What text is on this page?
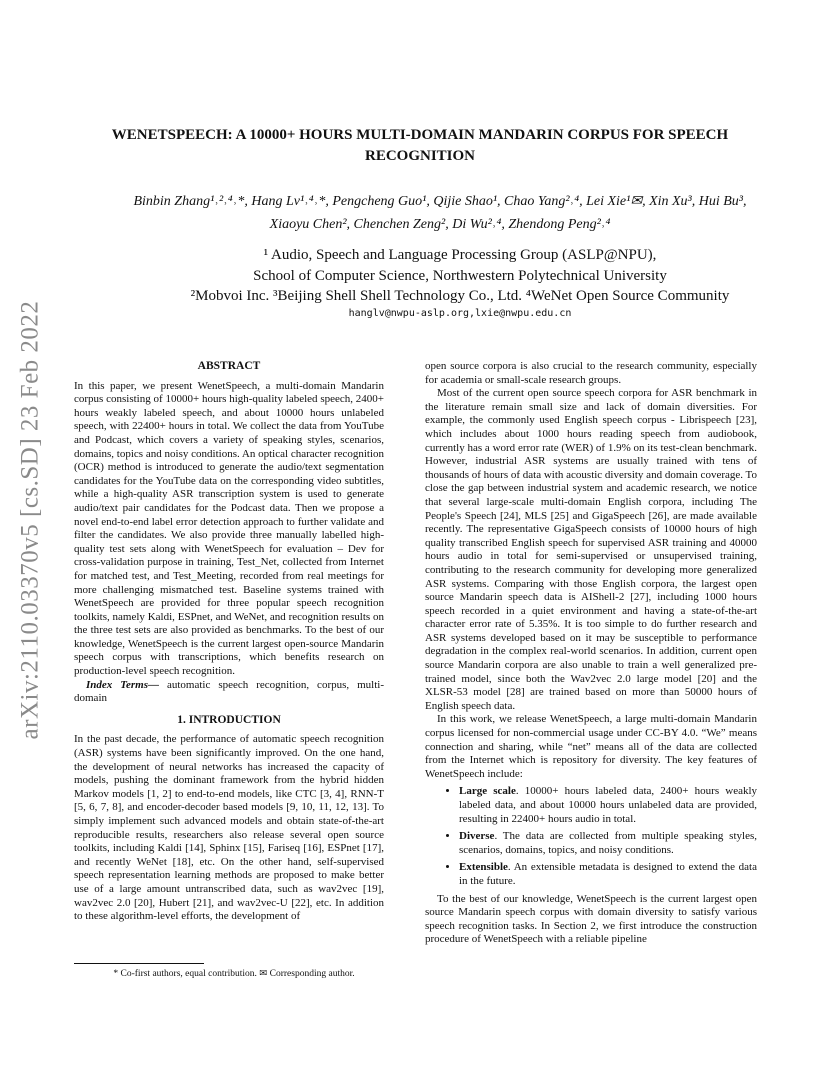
arXiv:2110.03370v5 [cs.SD] 23 Feb 2022
WENETSPEECH: A 10000+ HOURS MULTI-DOMAIN MANDARIN CORPUS FOR SPEECH
RECOGNITION
Binbin Zhang¹˒²˒⁴˒*, Hang Lv¹˒⁴˒*, Pengcheng Guo¹, Qijie Shao¹, Chao Yang²˒⁴, Lei Xie¹✉, Xin Xu³, Hui Bu³,
Xiaoyu Chen², Chenchen Zeng², Di Wu²˒⁴, Zhendong Peng²˒⁴
¹ Audio, Speech and Language Processing Group (ASLP@NPU),
School of Computer Science, Northwestern Polytechnical University
²Mobvoi Inc. ³Beijing Shell Shell Technology Co., Ltd. ⁴WeNet Open Source Community
hanglv@nwpu-aslp.org,lxie@nwpu.edu.cn
ABSTRACT

In this paper, we present WenetSpeech, a multi-domain Mandarin corpus consisting of 10000+ hours high-quality labeled speech, 2400+ hours weakly labeled speech, and about 10000 hours unlabeled speech, with 22400+ hours in total. We collect the data from YouTube and Podcast, which covers a variety of speaking styles, scenarios, domains, topics and noisy conditions. An optical character recognition (OCR) method is introduced to generate the audio/text segmentation candidates for the YouTube data on the corresponding video subtitles, while a high-quality ASR transcription system is used to generate audio/text pair candidates for the Podcast data. Then we propose a novel end-to-end label error detection approach to further validate and filter the candidates. We also provide three manually labelled high-quality test sets along with WenetSpeech for evaluation – Dev for cross-validation purpose in training, Test_Net, collected from Internet for matched test, and Test_Meeting, recorded from real meetings for more challenging mismatched test. Baseline systems trained with WenetSpeech are provided for three popular speech recognition toolkits, namely Kaldi, ESPnet, and WeNet, and recognition results on the three test sets are also provided as benchmarks. To the best of our knowledge, WenetSpeech is the current largest open-source Mandarin speech corpus with transcriptions, which benefits research on production-level speech recognition.

Index Terms— automatic speech recognition, corpus, multi-domain

1. INTRODUCTION

In the past decade, the performance of automatic speech recognition (ASR) systems have been significantly improved. On the one hand, the development of neural networks has increased the capacity of models, pushing the dominant framework from the hybrid hidden Markov models [1, 2] to end-to-end models, like CTC [3, 4], RNN-T [5, 6, 7, 8], and encoder-decoder based models [9, 10, 11, 12, 13]. To simply implement such advanced models and obtain state-of-the-art reproducible results, researchers also release several open source toolkits, including Kaldi [14], Sphinx [15], Fariseq [16], ESPnet [17], and recently WeNet [18], etc. On the other hand, self-supervised speech representation learning methods are proposed to make better use of a large amount untranscribed data, such as wav2vec [19], wav2vec 2.0 [20], Hubert [21], and wav2vec-U [22], etc. In addition to these algorithm-level efforts, the development of

open source corpora is also crucial to the research community, especially for academia or small-scale research groups.

Most of the current open source speech corpora for ASR benchmark in the literature remain small size and lack of domain diversities. For example, the commonly used English speech corpus - Librispeech [23], which includes about 1000 hours reading speech from audiobook, currently has a word error rate (WER) of 1.9% on its test-clean benchmark. However, industrial ASR systems are usually trained with tens of thousands of hours of data with acoustic diversity and domain coverage. To close the gap between industrial system and academic research, we notice that several large-scale multi-domain English corpora, including The People's Speech [24], MLS [25] and GigaSpeech [26], are made available recently. The representative GigaSpeech consists of 10000 hours of high quality transcribed English speech for supervised ASR training and 40000 hours audio in total for semi-supervised or unsupervised training, contributing to the research community for developing more generalized ASR systems. Comparing with those English corpora, the largest open source Mandarin speech data is AIShell-2 [27], including 1000 hours speech recorded in a quiet environment and having a state-of-the-art character error rate of 5.35%. It is too simple to do further research and ASR systems developed based on it may be susceptible to performance degradation in the complex real-world scenarios. In addition, current open source Mandarin corpora are also unable to train a well generalized pre-trained model, since both the Wav2vec 2.0 large model [20] and the XLSR-53 model [28] are trained based on more than 50000 hours of English speech data.

In this work, we release WenetSpeech, a large multi-domain Mandarin corpus licensed for non-commercial usage under CC-BY 4.0. “We” means connection and sharing, while “net” means all of the data are collected from the Internet which is repository for diversity. The key features of WenetSpeech include:

• Large scale. 10000+ hours labeled data, 2400+ hours weakly labeled data, and about 10000 hours unlabeled data are provided, resulting in 22400+ hours audio in total.
• Diverse. The data are collected from multiple speaking styles, scenarios, domains, topics, and noisy conditions.
• Extensible. An extensible metadata is designed to extend the data in the future.

To the best of our knowledge, WenetSpeech is the current largest open source Mandarin speech corpus with domain diversity to satisfy various speech recognition tasks. In Section 2, we first introduce the construction procedure of WenetSpeech with a reliable pipeline

* Co-first authors, equal contribution. ✉ Corresponding author.
